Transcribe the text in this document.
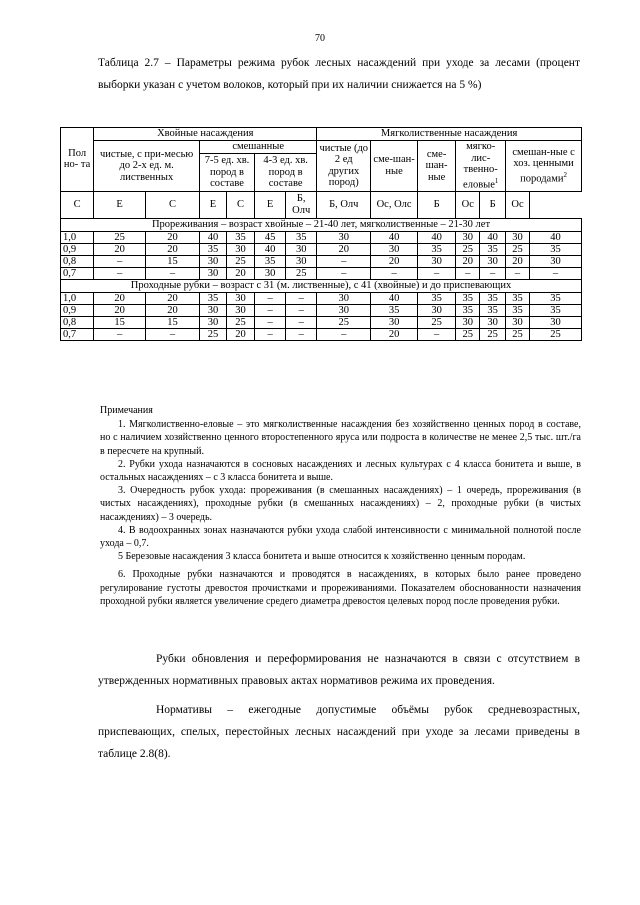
70
Таблица 2.7 – Параметры режима рубок лесных насаждений при уходе за лесами (процент выборки указан с учетом волоков, который при их наличии снижается на 5 %)
Пол но- та	Хвойные насаждения						Мягколиственные насаждения						
	чистые, с при-месью до 2-х ед. м. лиственных		смешанные				чистые (до 2 ед других пород)	сме-шан-ные	сме-шан-ные	мягко-лис-твенно-еловые$^1$		смешан-ные с хоз. ценными породами$^2$
			7-5 ед. хв. пород в составе		4-3 ед. хв. пород в составе								
С	Е	С	Е	С	Е	Б, Олч	Б, Олч	Ос, Олс	Б	Ос	Б	Ос	
Прореживания – возраст хвойные – 21-40 лет, мягколиственные – 21-30 лет													
1,0	25	20	40	35	45	35	30	40	40	30	40	30	40
0,9	20	20	35	30	40	30	20	30	35	25	35	25	35
0,8	–	15	30	25	35	30	–	20	30	20	30	20	30
0,7	–	–	30	20	30	25	–	–	–	–	–	–	–
Проходные рубки – возраст с 31 (м. лиственные), с 41 (хвойные) и до приспевающих													
1,0	20	20	35	30	–	–	30	40	35	35	35	35	35
0,9	20	20	30	30	–	–	30	35	30	35	35	35	35
0,8	15	15	30	25	–	–	25	30	25	30	30	30	30
0,7	–	–	25	20	–	–	–	20	–	25	25	25	25

Примечания

1. Мягколиственно-еловые – это мягколиственные насаждения без хозяйственно ценных пород в составе, но с наличием хозяйственно ценного второстепенного яруса или подроста в количестве не менее 2,5 тыс. шт./га в пересчете на крупный.

2. Рубки ухода назначаются в сосновых насаждениях и лесных культурах с 4 класса бонитета и выше, в остальных насаждениях – с 3 класса бонитета и выше.

3. Очередность рубок ухода: прореживания (в смешанных насаждениях) – 1 очередь, прореживания (в чистых насаждениях), проходные рубки (в смешанных насаждениях) – 2, проходные рубки (в чистых насаждениях) – 3 очередь.

4. В водоохранных зонах назначаются рубки ухода слабой интенсивности с минимальной полнотой после ухода – 0,7.

5 Березовые насаждения 3 класса бонитета и выше относится к хозяйственно ценным породам.

6. Проходные рубки назначаются и проводятся в насаждениях, в которых было ранее проведено регулирование густоты древостоя прочистками и прореживаниями. Показателем обоснованности назначения проходной рубки является увеличение средего диаметра древостоя целевых пород после проведения рубки.

Рубки обновления и переформирования не назначаются в связи с отсутствием в утвержденных нормативных правовых актах нормативов режима их проведения.

Нормативы – ежегодные допустимые объёмы рубок средневозрастных, приспевающих, спелых, перестойных лесных насаждений при уходе за лесами приведены в таблице 2.8(8).
